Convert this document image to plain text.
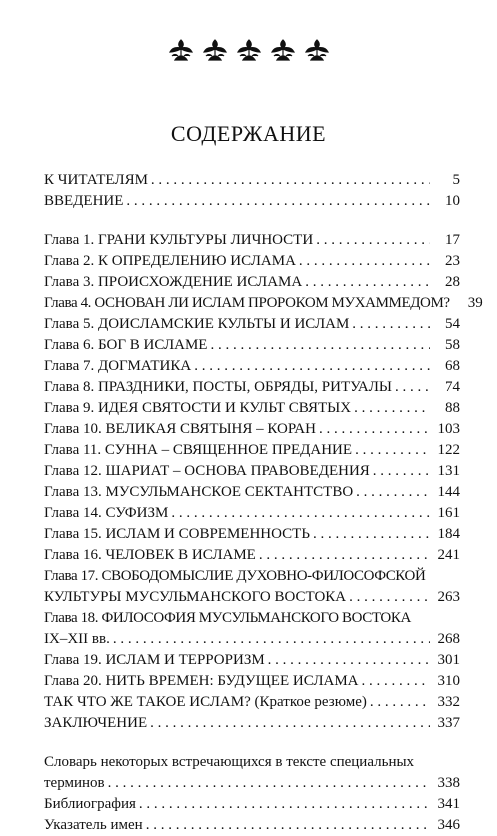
СОДЕРЖАНИЕ
К ЧИТАТЕЛЯМ . . .	5
ВВЕДЕНИЕ . . .	10
Глава 1. ГРАНИ КУЛЬТУРЫ ЛИЧНОСТИ . . .	17
Глава 2. К ОПРЕДЕЛЕНИЮ ИСЛАМА . . .	23
Глава 3. ПРОИСХОЖДЕНИЕ ИСЛАМА . . .	28
Глава 4. ОСНОВАН ЛИ ИСЛАМ ПРОРОКОМ МУХАММЕДОМ?	39
Глава 5. ДОИСЛАМСКИЕ КУЛЬТЫ И ИСЛАМ . . .	54
Глава 6. БОГ В ИСЛАМЕ . . .	58
Глава 7. ДОГМАТИКА . . .	68
Глава 8. ПРАЗДНИКИ, ПОСТЫ, ОБРЯДЫ, РИТУАЛЫ . . .	74
Глава 9. ИДЕЯ СВЯТОСТИ И КУЛЬТ СВЯТЫХ . . .	88
Глава 10. ВЕЛИКАЯ СВЯТЫНЯ – КОРАН . . .	103
Глава 11. СУННА – СВЯЩЕННОЕ ПРЕДАНИЕ . . .	122
Глава 12. ШАРИАТ – ОСНОВА ПРАВОВЕДЕНИЯ . . .	131
Глава 13. МУСУЛЬМАНСКОЕ СЕКТАНТСТВО . . .	144
Глава 14. СУФИЗМ . . .	161
Глава 15. ИСЛАМ И СОВРЕМЕННОСТЬ . . .	184
Глава 16. ЧЕЛОВЕК В ИСЛАМЕ . . .	241
Глава 17. СВОБОДОМЫСЛИЕ ДУХОВНО-ФИЛОСОФСКОЙ
КУЛЬТУРЫ МУСУЛЬМАНСКОГО ВОСТОКА . . .	263
Глава 18. ФИЛОСОФИЯ МУСУЛЬМАНСКОГО ВОСТОКА
IX–XII вв. . . .	268
Глава 19. ИСЛАМ И ТЕРРОРИЗМ . . .	301
Глава 20. НИТЬ ВРЕМЕН: БУДУЩЕЕ ИСЛАМА . . .	310
ТАК ЧТО ЖЕ ТАКОЕ ИСЛАМ? (Краткое резюме) . . .	332
ЗАКЛЮЧЕНИЕ . . .	337
Словарь некоторых встречающихся в тексте специальных
терминов . . .	338
Библиография . . .	341
Указатель имен . . .	346
